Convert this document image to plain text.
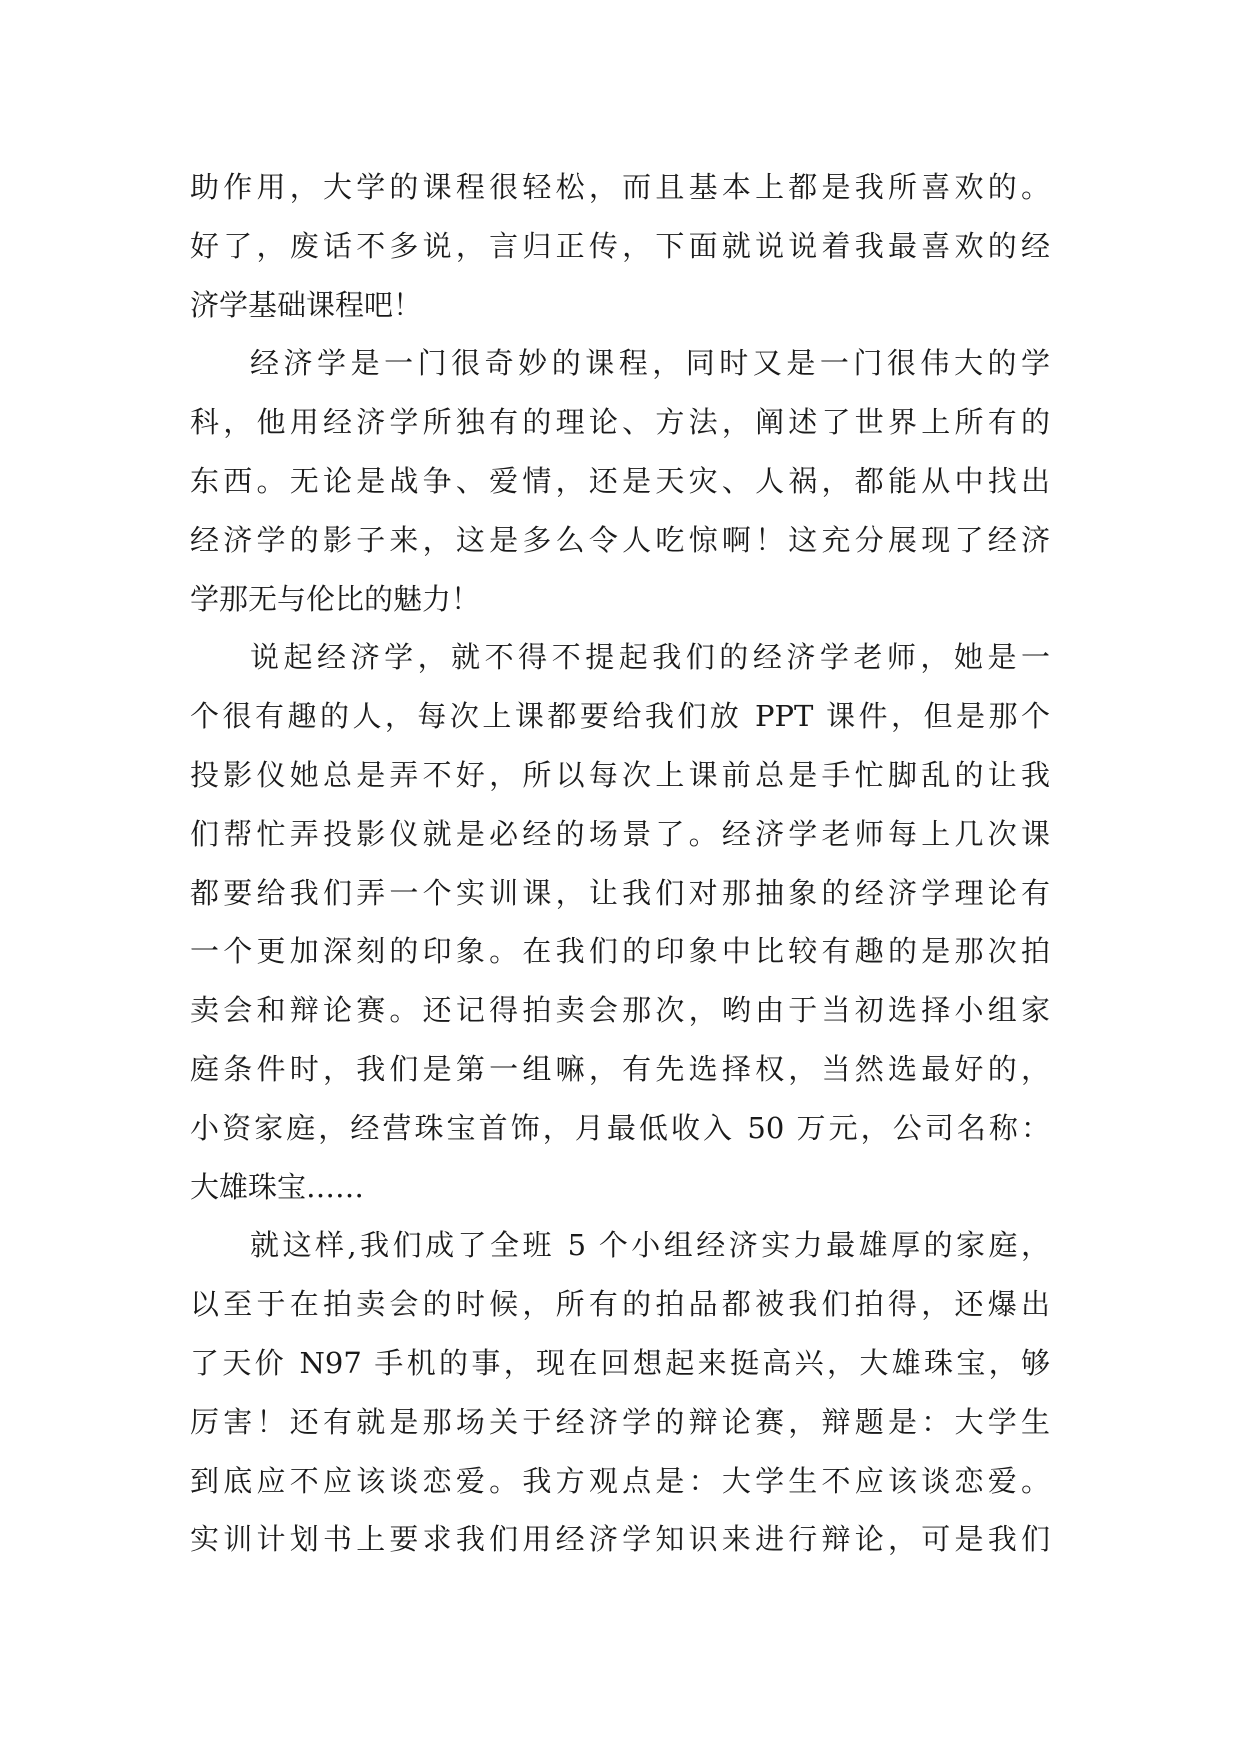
助作用，大学的课程很轻松，而且基本上都是我所喜欢的。
好了，废话不多说，言归正传，下面就说说着我最喜欢的经
济学基础课程吧！
经济学是一门很奇妙的课程，同时又是一门很伟大的学
科，他用经济学所独有的理论、方法，阐述了世界上所有的
东西。无论是战争、爱情，还是天灾、人祸，都能从中找出
经济学的影子来，这是多么令人吃惊啊！这充分展现了经济
学那无与伦比的魅力！
说起经济学，就不得不提起我们的经济学老师，她是一
个很有趣的人，每次上课都要给我们放 PPT 课件，但是那个
投影仪她总是弄不好，所以每次上课前总是手忙脚乱的让我
们帮忙弄投影仪就是必经的场景了。经济学老师每上几次课
都要给我们弄一个实训课，让我们对那抽象的经济学理论有
一个更加深刻的印象。在我们的印象中比较有趣的是那次拍
卖会和辩论赛。还记得拍卖会那次，哟由于当初选择小组家
庭条件时，我们是第一组嘛，有先选择权，当然选最好的，
小资家庭，经营珠宝首饰，月最低收入 50 万元，公司名称：
大雄珠宝……
就这样,我们成了全班 5 个小组经济实力最雄厚的家庭，
以至于在拍卖会的时候，所有的拍品都被我们拍得，还爆出
了天价 N97 手机的事，现在回想起来挺高兴，大雄珠宝，够
厉害！还有就是那场关于经济学的辩论赛，辩题是：大学生
到底应不应该谈恋爱。我方观点是：大学生不应该谈恋爱。
实训计划书上要求我们用经济学知识来进行辩论，可是我们
